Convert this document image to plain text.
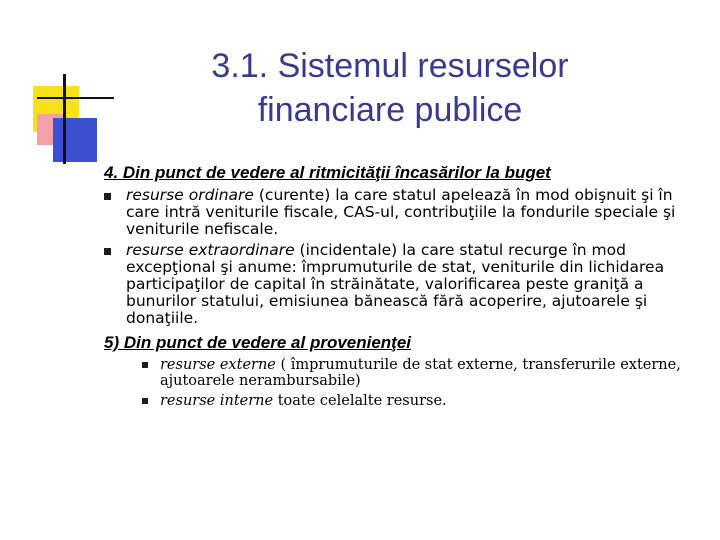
3.1. Sistemul resurselor
financiare publice

4. Din punct de vedere al ritmicităţii încasărilor la buget

resurse ordinare (curente) la care statul apelează în mod obişnuit şi în care intră veniturile fiscale, CAS-ul, contribuţiile la fondurile speciale şi veniturile nefiscale.
resurse extraordinare (incidentale) la care statul recurge în mod excepţional şi anume: împrumuturile de stat, veniturile din lichidarea participaţilor de capital în străinătate, valorificarea peste graniţă a bunurilor statului, emisiunea bănească fără acoperire, ajutoarele şi donaţiile.

5) Din punct de vedere al provenienţei

resurse externe ( împrumuturile de stat externe, transferurile externe, ajutoarele nerambursabile)
resurse interne toate celelalte resurse.
